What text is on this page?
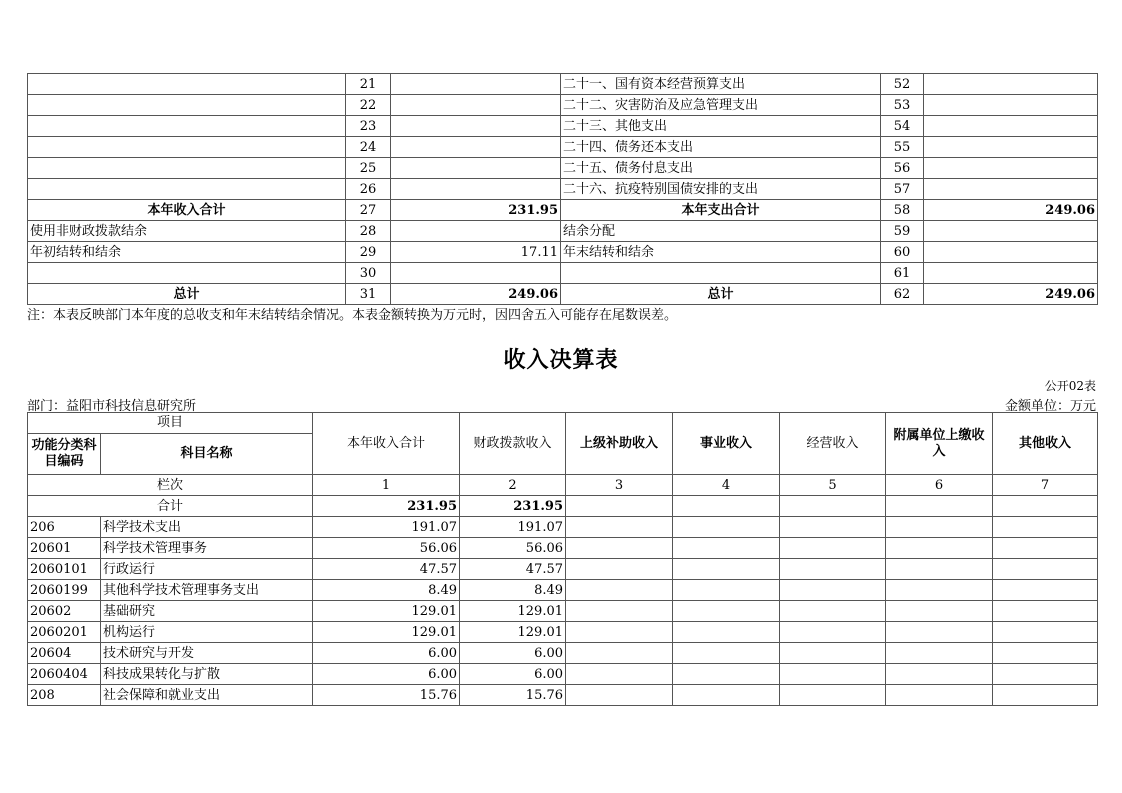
	21		二十一、国有资本经营预算支出	52	
	22		二十二、灾害防治及应急管理支出	53	
	23		二十三、其他支出	54	
	24		二十四、债务还本支出	55	
	25		二十五、债务付息支出	56	
	26		二十六、抗疫特别国债安排的支出	57	
本年收入合计	27	231.95	本年支出合计	58	249.06
使用非财政拨款结余	28		结余分配	59	
年初结转和结余	29	17.11	年末结转和结余	60	
	30			61	
总计	31	249.06	总计	62	249.06
注：本表反映部门本年度的总收支和年末结转结余情况。本表金额转换为万元时，因四舍五入可能存在尾数误差。
收入决算表
公开02表
部门：益阳市科技信息研究所	金额单位：万元
项目		本年收入合计	财政拨款收入	上级补助收入	事业收入	经营收入	附属单位上缴收入	其他收入
功能分类科目编码	科目名称							
栏次		1	2	3	4	5	6	7
合计		231.95	231.95					
206	科学技术支出	191.07	191.07					
20601	科学技术管理事务	56.06	56.06					
2060101	行政运行	47.57	47.57					
2060199	其他科学技术管理事务支出	8.49	8.49					
20602	基础研究	129.01	129.01					
2060201	机构运行	129.01	129.01					
20604	技术研究与开发	6.00	6.00					
2060404	科技成果转化与扩散	6.00	6.00					
208	社会保障和就业支出	15.76	15.76					
